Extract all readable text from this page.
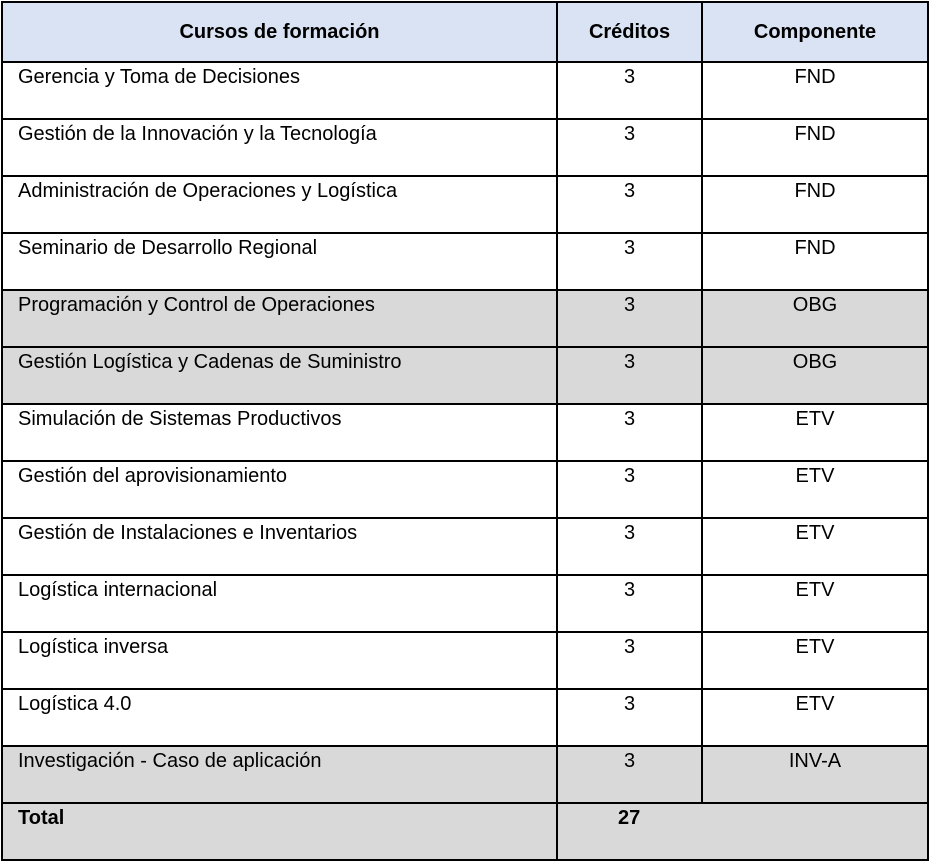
Cursos de formación	Créditos	Componente
Gerencia y Toma de Decisiones	3	FND
Gestión de la Innovación y la Tecnología	3	FND
Administración de Operaciones y Logística	3	FND
Seminario de Desarrollo Regional	3	FND
Programación y Control de Operaciones	3	OBG
Gestión Logística y Cadenas de Suministro	3	OBG
Simulación de Sistemas Productivos	3	ETV
Gestión del aprovisionamiento	3	ETV
Gestión de Instalaciones e Inventarios	3	ETV
Logística internacional	3	ETV
Logística inversa	3	ETV
Logística 4.0	3	ETV
Investigación - Caso de aplicación	3	INV-A
Total	27	
